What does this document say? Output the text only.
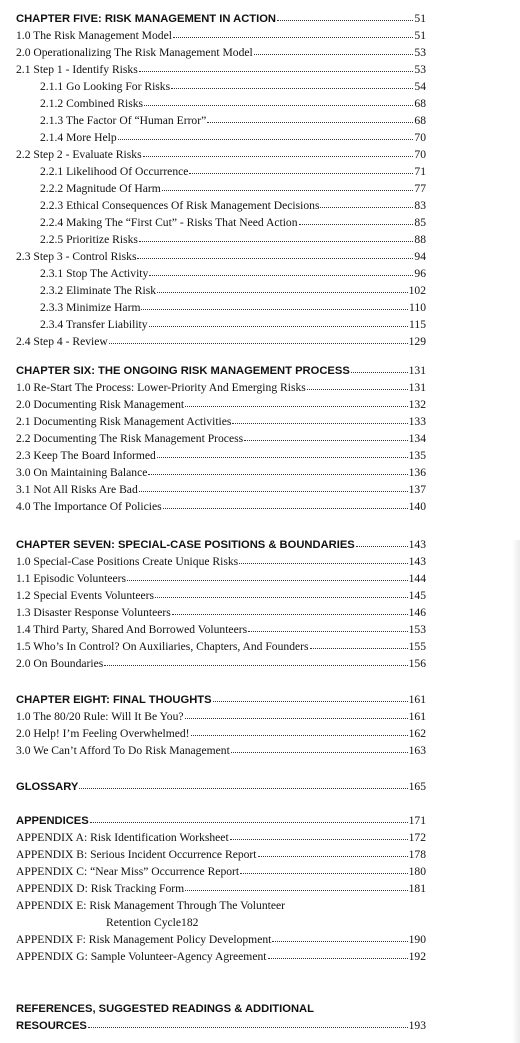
CHAPTER FIVE: RISK MANAGEMENT IN ACTION	51
1.0 The Risk Management Model	51
2.0 Operationalizing The Risk Management Model	53
2.1 Step 1 - Identify Risks	53
2.1.1 Go Looking For Risks	54
2.1.2 Combined Risks	68
2.1.3 The Factor Of “Human Error”	68
2.1.4 More Help	70
2.2 Step 2 - Evaluate Risks	70
2.2.1 Likelihood Of Occurrence	71
2.2.2 Magnitude Of Harm	77
2.2.3 Ethical Consequences Of Risk Management Decisions	83
2.2.4 Making The “First Cut” - Risks That Need Action	85
2.2.5 Prioritize Risks	88
2.3 Step 3 - Control Risks	94
2.3.1 Stop The Activity	96
2.3.2 Eliminate The Risk	102
2.3.3 Minimize Harm	110
2.3.4 Transfer Liability	115
2.4 Step 4 - Review	129
CHAPTER SIX: THE ONGOING RISK MANAGEMENT PROCESS	131
1.0 Re-Start The Process: Lower-Priority And Emerging Risks	131
2.0 Documenting Risk Management	132
2.1 Documenting Risk Management Activities	133
2.2 Documenting The Risk Management Process	134
2.3 Keep The Board Informed	135
3.0 On Maintaining Balance	136
3.1 Not All Risks Are Bad	137
4.0 The Importance Of Policies	140
CHAPTER SEVEN: SPECIAL-CASE POSITIONS & BOUNDARIES	143
1.0 Special-Case Positions Create Unique Risks	143
1.1 Episodic Volunteers	144
1.2 Special Events Volunteers	145
1.3 Disaster Response Volunteers	146
1.4 Third Party, Shared And Borrowed Volunteers	153
1.5 Who’s In Control? On Auxiliaries, Chapters, And Founders	155
2.0 On Boundaries	156
CHAPTER EIGHT: FINAL THOUGHTS	161
1.0 The 80/20 Rule: Will It Be You?	161
2.0 Help! I’m Feeling Overwhelmed!	162
3.0 We Can’t Afford To Do Risk Management	163
GLOSSARY	165
APPENDICES	171
APPENDIX A: Risk Identification Worksheet	172
APPENDIX B: Serious Incident Occurrence Report	178
APPENDIX C: “Near Miss” Occurrence Report	180
APPENDIX D: Risk Tracking Form	181
APPENDIX E: Risk Management Through The Volunteer
Retention Cycle 182
APPENDIX F: Risk Management Policy Development	190
APPENDIX G: Sample Volunteer-Agency Agreement	192
REFERENCES, SUGGESTED READINGS & ADDITIONAL
RESOURCES	193
